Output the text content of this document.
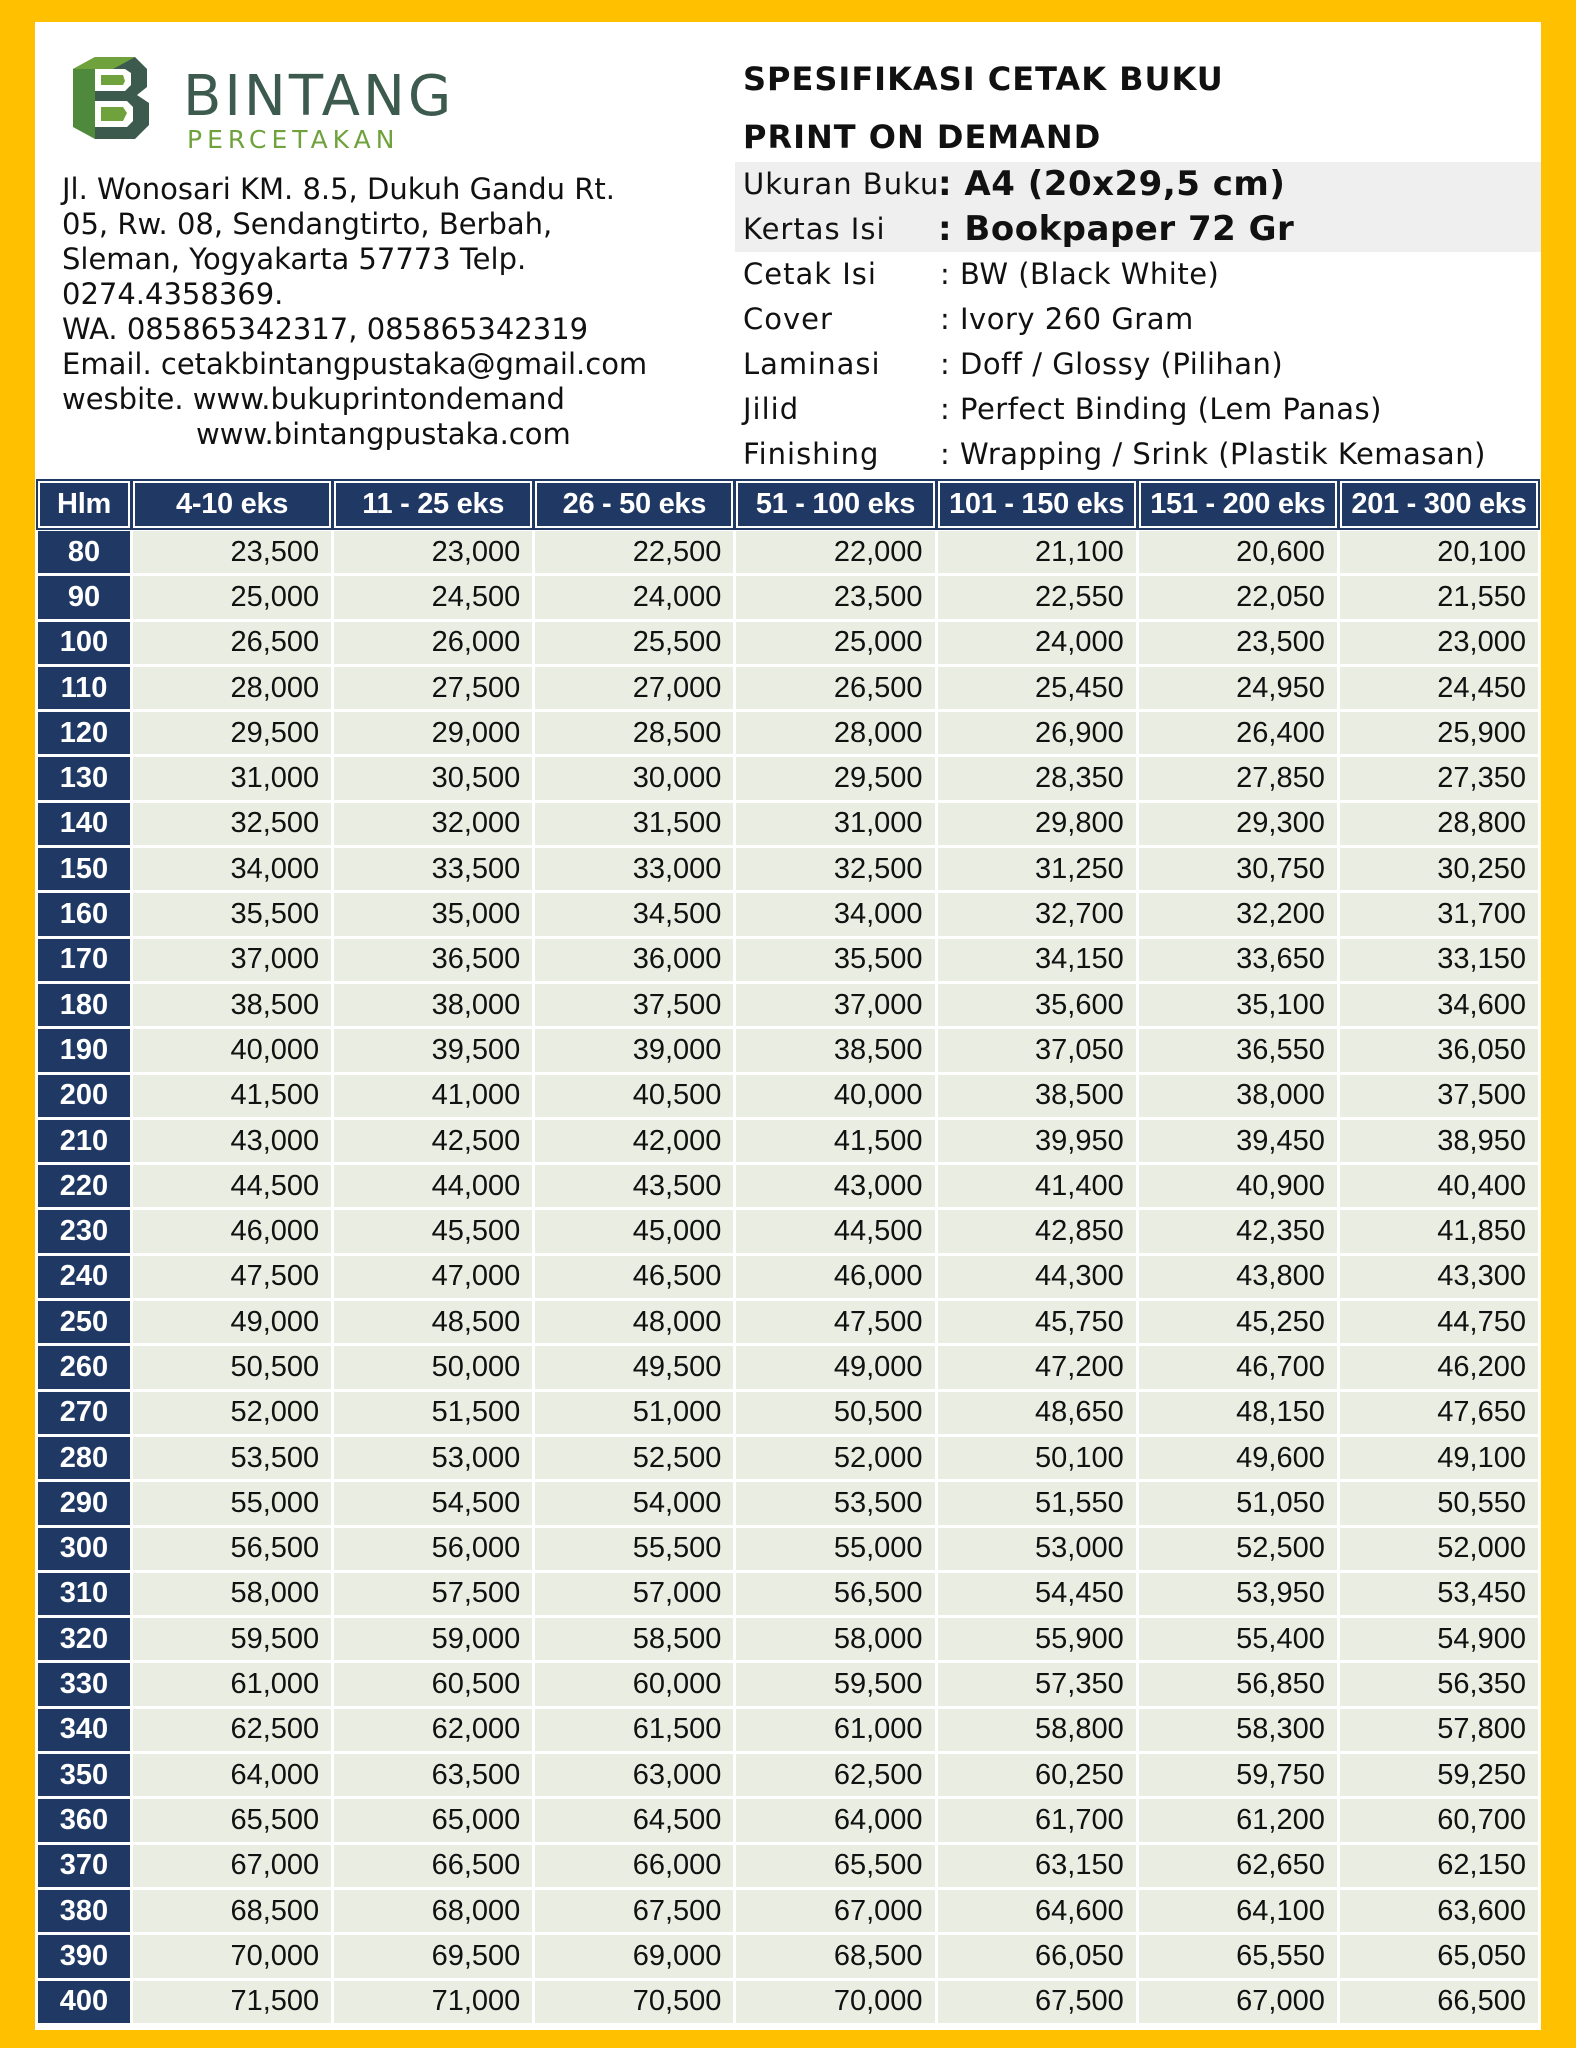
BINTANG
PERCETAKAN
Jl. Wonosari KM. 8.5, Dukuh Gandu Rt.
05, Rw. 08, Sendangtirto, Berbah,
Sleman, Yogyakarta 57773 Telp.
0274.4358369.
WA. 085865342317, 085865342319
Email. cetakbintangpustaka@gmail.com
wesbite. www.bukuprintondemand
www.bintangpustaka.com
SPESIFIKASI CETAK BUKU
PRINT ON DEMAND
Ukuran Buku
: A4 (20x29,5 cm)
Kertas Isi : Bookpaper 72 Gr
Cetak Isi : BW (Black White)
Cover	: Ivory 260 Gram
Laminasi : Doff / Glossy (Pilihan)
Jilid	: Perfect Binding (Lem Panas)
Finishing : Wrapping / Srink (Plastik Kemasan)
Hlm	4-10 eks	11 - 25 eks	26 - 50 eks	51 - 100 eks	101 - 150 eks	151 - 200 eks	201 - 300 eks
80	23,500	23,000	22,500	22,000	21,100	20,600	20,100
90	25,000	24,500	24,000	23,500	22,550	22,050	21,550
100	26,500	26,000	25,500	25,000	24,000	23,500	23,000
110	28,000	27,500	27,000	26,500	25,450	24,950	24,450
120	29,500	29,000	28,500	28,000	26,900	26,400	25,900
130	31,000	30,500	30,000	29,500	28,350	27,850	27,350
140	32,500	32,000	31,500	31,000	29,800	29,300	28,800
150	34,000	33,500	33,000	32,500	31,250	30,750	30,250
160	35,500	35,000	34,500	34,000	32,700	32,200	31,700
170	37,000	36,500	36,000	35,500	34,150	33,650	33,150
180	38,500	38,000	37,500	37,000	35,600	35,100	34,600
190	40,000	39,500	39,000	38,500	37,050	36,550	36,050
200	41,500	41,000	40,500	40,000	38,500	38,000	37,500
210	43,000	42,500	42,000	41,500	39,950	39,450	38,950
220	44,500	44,000	43,500	43,000	41,400	40,900	40,400
230	46,000	45,500	45,000	44,500	42,850	42,350	41,850
240	47,500	47,000	46,500	46,000	44,300	43,800	43,300
250	49,000	48,500	48,000	47,500	45,750	45,250	44,750
260	50,500	50,000	49,500	49,000	47,200	46,700	46,200
270	52,000	51,500	51,000	50,500	48,650	48,150	47,650
280	53,500	53,000	52,500	52,000	50,100	49,600	49,100
290	55,000	54,500	54,000	53,500	51,550	51,050	50,550
300	56,500	56,000	55,500	55,000	53,000	52,500	52,000
310	58,000	57,500	57,000	56,500	54,450	53,950	53,450
320	59,500	59,000	58,500	58,000	55,900	55,400	54,900
330	61,000	60,500	60,000	59,500	57,350	56,850	56,350
340	62,500	62,000	61,500	61,000	58,800	58,300	57,800
350	64,000	63,500	63,000	62,500	60,250	59,750	59,250
360	65,500	65,000	64,500	64,000	61,700	61,200	60,700
370	67,000	66,500	66,000	65,500	63,150	62,650	62,150
380	68,500	68,000	67,500	67,000	64,600	64,100	63,600
390	70,000	69,500	69,000	68,500	66,050	65,550	65,050
400	71,500	71,000	70,500	70,000	67,500	67,000	66,500
